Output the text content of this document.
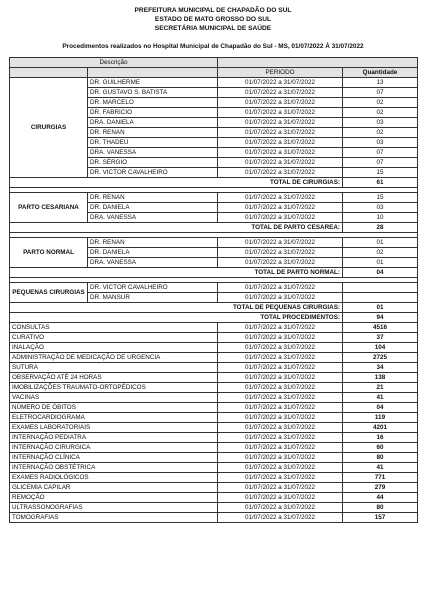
PREFEITURA MUNICIPAL DE CHAPADÃO DO SUL
ESTADO DE MATO GROSSO DO SUL
SECRETÁRIA MUNICIPAL DE SAÚDE
Procedimentos realizados no Hospital Municipal de Chapadão do Sul - MS, 01/07/2022 À 31/07/2022
Descrição			
		PERIODO	Quantidade
CIRURGIAS	DR. GUILHERME	01/07/2022 a 31/07/2022	13
	DR. GUSTAVO S. BATISTA	01/07/2022 a 31/07/2022	07
	DR. MARCELO	01/07/2022 a 31/07/2022	02
	DR. FABRICIO	01/07/2022 a 31/07/2022	02
	DRA. DANIELA	01/07/2022 a 31/07/2022	03
	DR. RENAN	01/07/2022 a 31/07/2022	02
	DR. THADEU	01/07/2022 a 31/07/2022	03
	DRA. VANESSA	01/07/2022 a 31/07/2022	07
	DR. SÉRGIO	01/07/2022 a 31/07/2022	07
	DR. VICTOR CAVALHEIRO	01/07/2022 a 31/07/2022	15
TOTAL DE CIRURGIAS:			61

PARTO CESARIANA	DR. RENAN	01/07/2022 a 31/07/2022	15
	DR. DANIELA	01/07/2022 a 31/07/2022	03
	DRA. VANESSA	01/07/2022 a 31/07/2022	10
TOTAL DE PARTO CESAREA:			28

PARTO NORMAL	DR. RENAN	01/07/2022 a 31/07/2022	01
	DR. DANIELA	01/07/2022 a 31/07/2022	02
	DRA. VANESSA	01/07/2022 a 31/07/2022	01
TOTAL DE PARTO NORMAL:			04

PEQUENAS CIRURGIAS	DR. VICTOR CAVALHEIRO	01/07/2022 a 31/07/2022	
	DR. MANSUR	01/07/2022 a 31/07/2022	
TOTAL DE PEQUENAS CIRURGIAS:			01
TOTAL PROCEDIMENTOS:			94
CONSULTAS		01/07/2022 a 31/07/2022	4516
CURATIVO		01/07/2022 a 31/07/2022	37
INALAÇÃO		01/07/2022 a 31/07/2022	104
ADMINISTRAÇÃO DE MEDICAÇÃO DE URGENCIA		01/07/2022 a 31/07/2022	2725
SUTURA		01/07/2022 a 31/07/2022	34
OBSERVAÇÃO ATÉ 24 HORAS		01/07/2022 a 31/07/2022	138
IMOBILIZAÇÕES TRAUMATO-ORTOPÉDICOS		01/07/2022 a 31/07/2022	21
VACINAS		01/07/2022 a 31/07/2022	41
NÚMERO DE ÓBITOS		01/07/2022 a 31/07/2022	04
ELETROCARDIOGRAMA		01/07/2022 a 31/07/2022	119
EXAMES LABORATORIAIS		01/07/2022 a 31/07/2022	4201
INTERNAÇÃO PEDIATRA		01/07/2022 a 31/07/2022	16
INTERNAÇÃO CIRURGICA		01/07/2022 a 31/07/2022	60
INTERNAÇÃO CLÍNICA		01/07/2022 a 31/07/2022	80
INTERNAÇÃO OBSTÉTRICA		01/07/2022 a 31/07/2022	41
EXAMES RADIOLÓGICOS		01/07/2022 a 31/07/2022	771
GLICEMIA CAPILAR		01/07/2022 a 31/07/2022	279
REMOÇÃO		01/07/2022 a 31/07/2022	44
ULTRASSONOGRAFIAS		01/07/2022 a 31/07/2022	80
TOMOGRAFIAS		01/07/2022 a 31/07/2022	157
